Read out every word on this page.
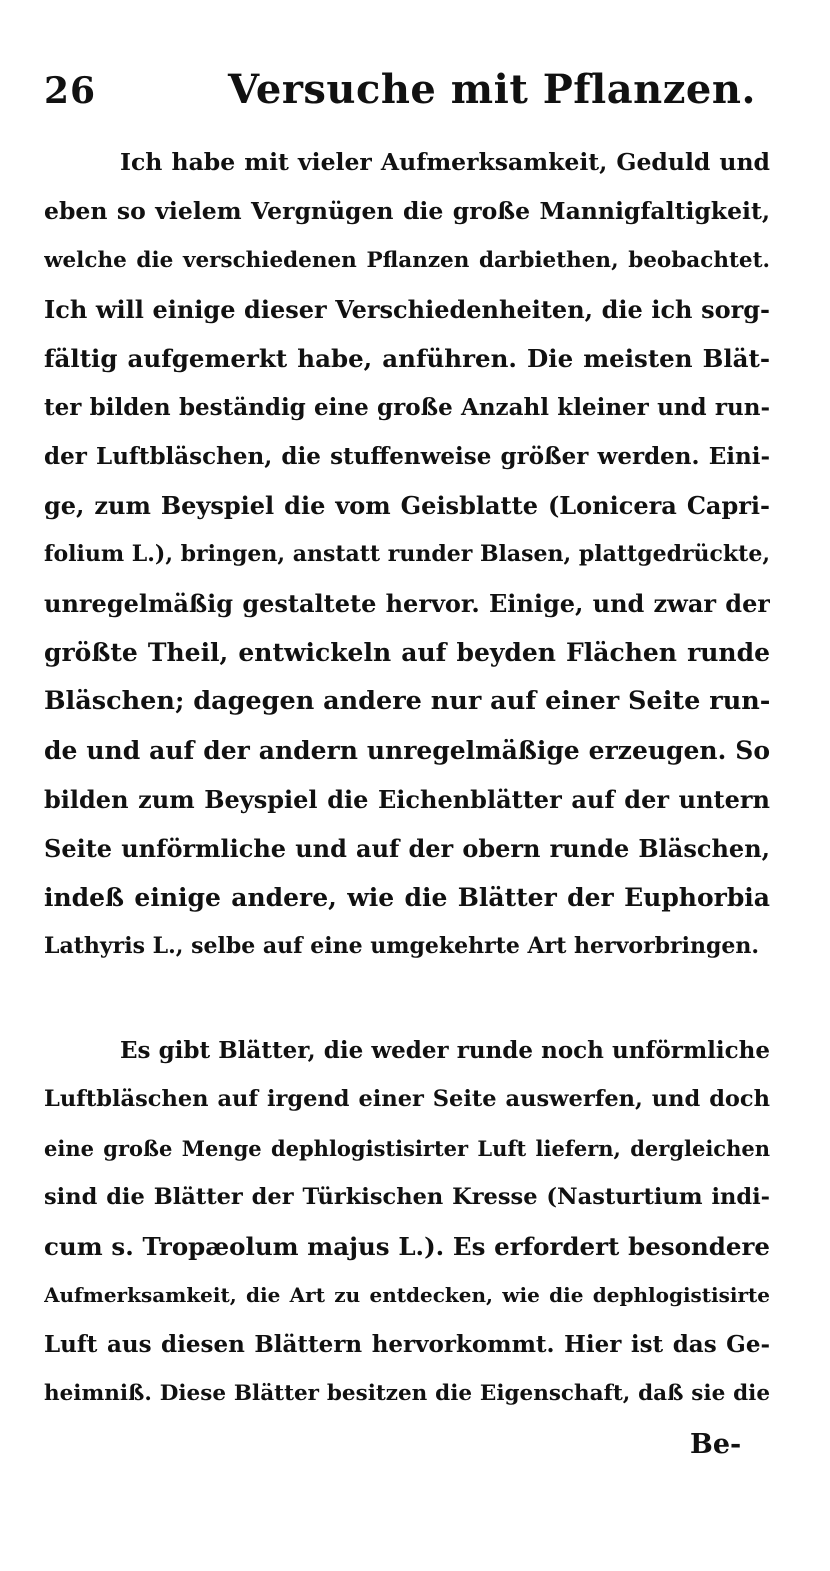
26	Versuche mit Pflanzen.
Ich habe mit vieler Aufmerksamkeit, Geduld und
eben so vielem Vergnügen die große Mannigfaltigkeit,
welche die verschiedenen Pflanzen darbiethen, beobachtet.
Ich will einige dieser Verschiedenheiten, die ich sorg-
fältig aufgemerkt habe, anführen. Die meisten Blät-
ter bilden beständig eine große Anzahl kleiner und run-
der Luftbläschen, die stuffenweise größer werden. Eini-
ge, zum Beyspiel die vom Geisblatte (Lonicera Capri-
folium L.), bringen, anstatt runder Blasen, plattgedrückte,
unregelmäßig gestaltete hervor. Einige, und zwar der
größte Theil, entwickeln auf beyden Flächen runde
Bläschen; dagegen andere nur auf einer Seite run-
de und auf der andern unregelmäßige erzeugen. So
bilden zum Beyspiel die Eichenblätter auf der untern
Seite unförmliche und auf der obern runde Bläschen,
indeß einige andere, wie die Blätter der Euphorbia
Lathyris L., selbe auf eine umgekehrte Art hervorbringen.
Es gibt Blätter, die weder runde noch unförmliche
Luftbläschen auf irgend einer Seite auswerfen, und doch
eine große Menge dephlogistisirter Luft liefern, dergleichen
sind die Blätter der Türkischen Kresse (Nasturtium indi-
cum s. Tropæolum majus L.). Es erfordert besondere
Aufmerksamkeit, die Art zu entdecken, wie die dephlogistisirte
Luft aus diesen Blättern hervorkommt. Hier ist das Ge-
heimniß. Diese Blätter besitzen die Eigenschaft, daß sie die
Be-
